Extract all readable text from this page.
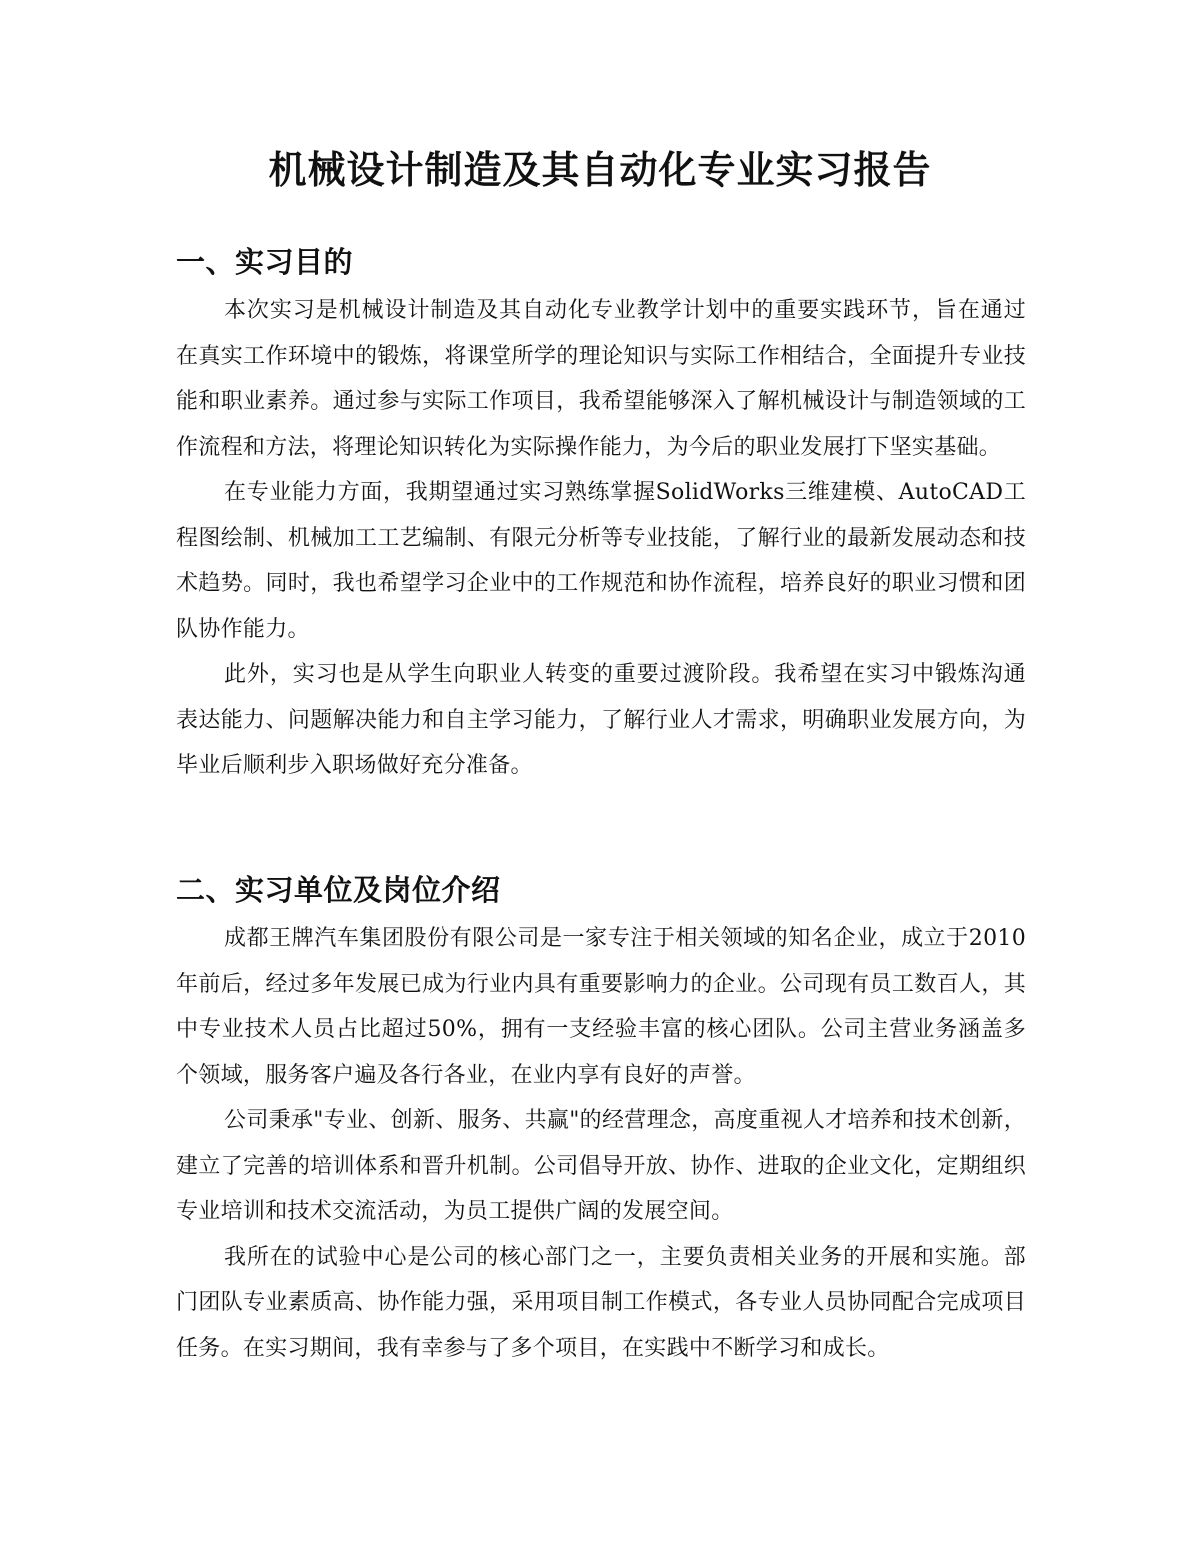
机械设计制造及其自动化专业实习报告
一、实习目的

本次实习是机械设计制造及其自动化专业教学计划中的重要实践环节，旨在通过在真实工作环境中的锻炼，将课堂所学的理论知识与实际工作相结合，全面提升专业技能和职业素养。通过参与实际工作项目，我希望能够深入了解机械设计与制造领域的工作流程和方法，将理论知识转化为实际操作能力，为今后的职业发展打下坚实基础。

在专业能力方面，我期望通过实习熟练掌握SolidWorks三维建模、AutoCAD工程图绘制、机械加工工艺编制、有限元分析等专业技能，了解行业的最新发展动态和技术趋势。同时，我也希望学习企业中的工作规范和协作流程，培养良好的职业习惯和团队协作能力。

此外，实习也是从学生向职业人转变的重要过渡阶段。我希望在实习中锻炼沟通表达能力、问题解决能力和自主学习能力，了解行业人才需求，明确职业发展方向，为毕业后顺利步入职场做好充分准备。

二、实习单位及岗位介绍

成都王牌汽车集团股份有限公司是一家专注于相关领域的知名企业，成立于2010年前后，经过多年发展已成为行业内具有重要影响力的企业。公司现有员工数百人，其中专业技术人员占比超过50%，拥有一支经验丰富的核心团队。公司主营业务涵盖多个领域，服务客户遍及各行各业，在业内享有良好的声誉。

公司秉承"专业、创新、服务、共赢"的经营理念，高度重视人才培养和技术创新，建立了完善的培训体系和晋升机制。公司倡导开放、协作、进取的企业文化，定期组织专业培训和技术交流活动，为员工提供广阔的发展空间。

我所在的试验中心是公司的核心部门之一，主要负责相关业务的开展和实施。部门团队专业素质高、协作能力强，采用项目制工作模式，各专业人员协同配合完成项目任务。在实习期间，我有幸参与了多个项目，在实践中不断学习和成长。
